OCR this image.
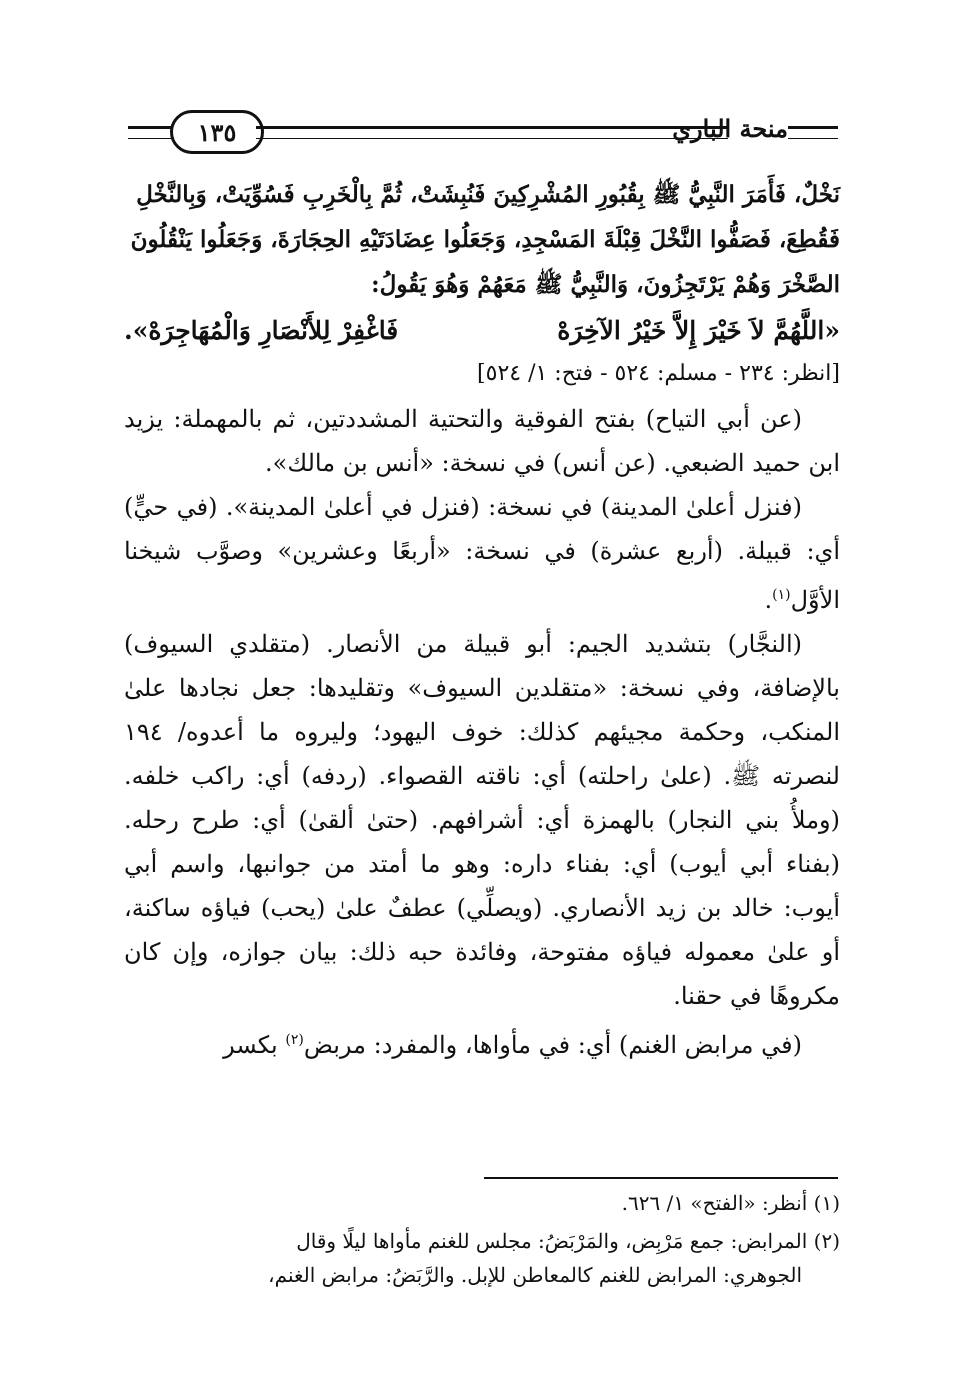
١٣٥	منحة الباري

نَخْلٌ، فَأَمَرَ النَّبِيُّ ﷺ بِقُبُورِ المُشْرِكِينَ فَنُبِشَتْ، ثُمَّ بِالْخَرِبِ فَسُوِّيَتْ، وَبِالنَّخْلِ

فَقُطِعَ، فَصَفُّوا النَّخْلَ قِبْلَةَ المَسْجِدِ، وَجَعَلُوا عِضَادَتَيْهِ الحِجَارَةَ، وَجَعَلُوا يَنْقُلُونَ

الصَّخْرَ وَهُمْ يَرْتَجِزُونَ، وَالنَّبِيُّ ﷺ مَعَهُمْ وَهُوَ يَقُولُ:

«اللَّهُمَّ لاَ خَيْرَ إِلاَّ خَيْرُ الآخِرَهْ
فَاغْفِرْ لِلأَنْصَارِ وَالْمُهَاجِرَهْ».

[انظر: ٢٣٤ - مسلم: ٥٢٤ - فتح: ١/ ٥٢٤]

(عن أبي التياح) بفتح الفوقية والتحتية المشددتين، ثم بالمهملة: يزيد ابن حميد الضبعي. (عن أنس) في نسخة: «أنس بن مالك».

(فنزل أعلىٰ المدينة) في نسخة: (فنزل في أعلىٰ المدينة». (في حيٍّ) أي: قبيلة. (أربع عشرة) في نسخة: «أربعًا وعشرين» وصوَّب شيخنا الأوَّل$^{(١)}$.

(النجَّار) بتشديد الجيم: أبو قبيلة من الأنصار. (متقلدي السيوف) بالإضافة، وفي نسخة: «متقلدين السيوف» وتقليدها: جعل نجادها علىٰ المنكب، وحكمة مجيئهم كذلك: خوف اليهود؛ وليروه ما أعدوه/ ١٩٤ لنصرته ﷺ. (علىٰ راحلته) أي: ناقته القصواء. (ردفه) أي: راكب خلفه. (وملأُ بني النجار) بالهمزة أي: أشرافهم. (حتىٰ ألقىٰ) أي: طرح رحله. (بفناء أبي أيوب) أي: بفناء داره: وهو ما أمتد من جوانبها، واسم أبي أيوب: خالد بن زيد الأنصاري. (ويصلِّي) عطفٌ علىٰ (يحب) فياؤه ساكنة، أو علىٰ معموله فياؤه مفتوحة، وفائدة حبه ذلك: بيان جوازه، وإن كان مكروهًا في حقنا.

(في مرابض الغنم) أي: في مأواها، والمفرد: مربض$^{(٢)}$ بكسر

(١) أنظر: «الفتح» ١/ ٦٢٦.

(٢) المرابض: جمع مَرْبِض، والمَرْبَضُ: مجلس للغنم مأواها ليلًا وقال

الجوهري: المرابض للغنم كالمعاطن للإبل. والرَّبَضُ: مرابض الغنم،
